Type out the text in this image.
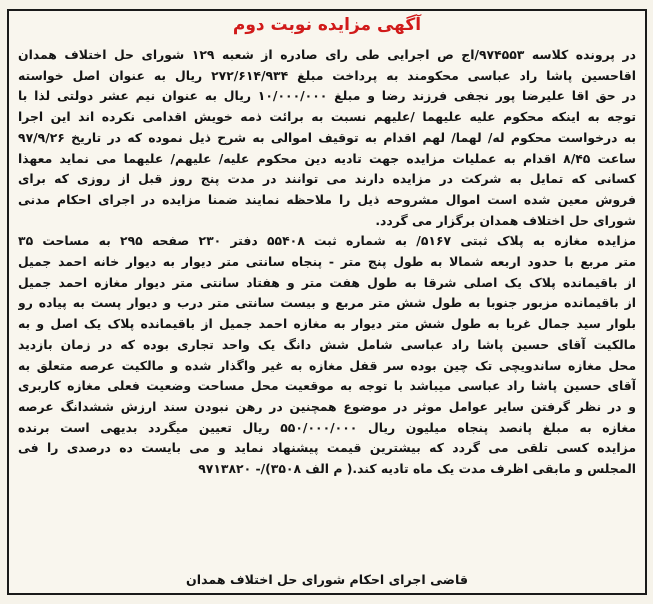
آگهی مزایده نوبت دوم
در پرونده کلاسه ۹۷۴۵۵۳/اج ص اجرایی طی رای صادره از شعبه ۱۲۹ شورای حل اختلاف همدان
اقاحسین پاشا راد عباسی محکومند به پرداخت مبلغ ۲۷۲/۶۱۴/۹۳۴ ریال به عنوان اصل خواسته
در حق اقا علیرضا پور نجفی فرزند رضا و مبلغ ۱۰/۰۰۰/۰۰۰ ریال به عنوان نیم عشر دولتی لذا با
توجه به اینکه محکوم علیه علیهما /علیهم نسبت به برائت ذمه خویش اقدامی نکرده اند این اجرا
به درخواست محکوم له/ لهما/ لهم اقدام به توقیف اموالی به شرح ذیل نموده که در تاریخ ۹۷/۹/۲۶
ساعت ۸/۴۵ اقدام به عملیات مزایده جهت تادیه دین محکوم علیه/ علیهم/ علیهما می نماید معهذا
کسانی که تمایل به شرکت در مزایده دارند می توانند در مدت پنج روز قبل از روزی که برای
فروش معین شده است اموال مشروحه ذیل را ملاحظه نمایند ضمنا مزایده در اجرای احکام مدنی
شورای حل اختلاف همدان برگزار می گردد.
مزایده مغازه به پلاک ثبتی ۵۱۶۷/ به شماره ثبت ۵۵۴۰۸ دفتر ۲۳۰ صفحه ۲۹۵ به مساحت ۳۵
متر مربع با حدود اربعه شمالا به طول پنج متر - پنجاه سانتی متر دیوار به دیوار خانه احمد جمیل
از باقیمانده پلاک یک اصلی شرقا به طول هفت متر و هفتاد سانتی متر دیوار مغازه احمد جمیل
از باقیمانده مزبور جنوبا به طول شش متر مربع و بیست سانتی متر درب و دیوار پست به پیاده رو
بلوار سید جمال غربا به طول شش متر دیوار به مغازه احمد جمیل از باقیمانده پلاک یک اصل و به
مالکیت آقای حسین پاشا راد عباسی شامل شش دانگ یک واحد تجاری بوده که در زمان بازدید
محل مغازه ساندویچی تک چین بوده سر قفل مغازه به غیر واگذار شده و مالکیت عرصه متعلق به
آقای حسین پاشا راد عباسی میباشد با توجه به موقعیت محل مساحت وضعیت فعلی مغازه کاربری
و در نظر گرفتن سایر عوامل موثر در موضوع همچنین در رهن نبودن سند ارزش ششدانگ عرصه
مغازه به مبلغ پانصد پنجاه میلیون ریال ۵۵۰/۰۰۰/۰۰۰ ریال تعیین میگردد بدیهی است برنده
مزایده کسی تلقی می گردد که بیشترین قیمت پیشنهاد نماید و می بایست ده درصدی را فی
المجلس و مابقی اظرف مدت یک ماه تادیه کند.( م الف ۳۵۰۸)/- ۹۷۱۳۸۲۰
قاضی اجرای احکام شورای حل اختلاف همدان
